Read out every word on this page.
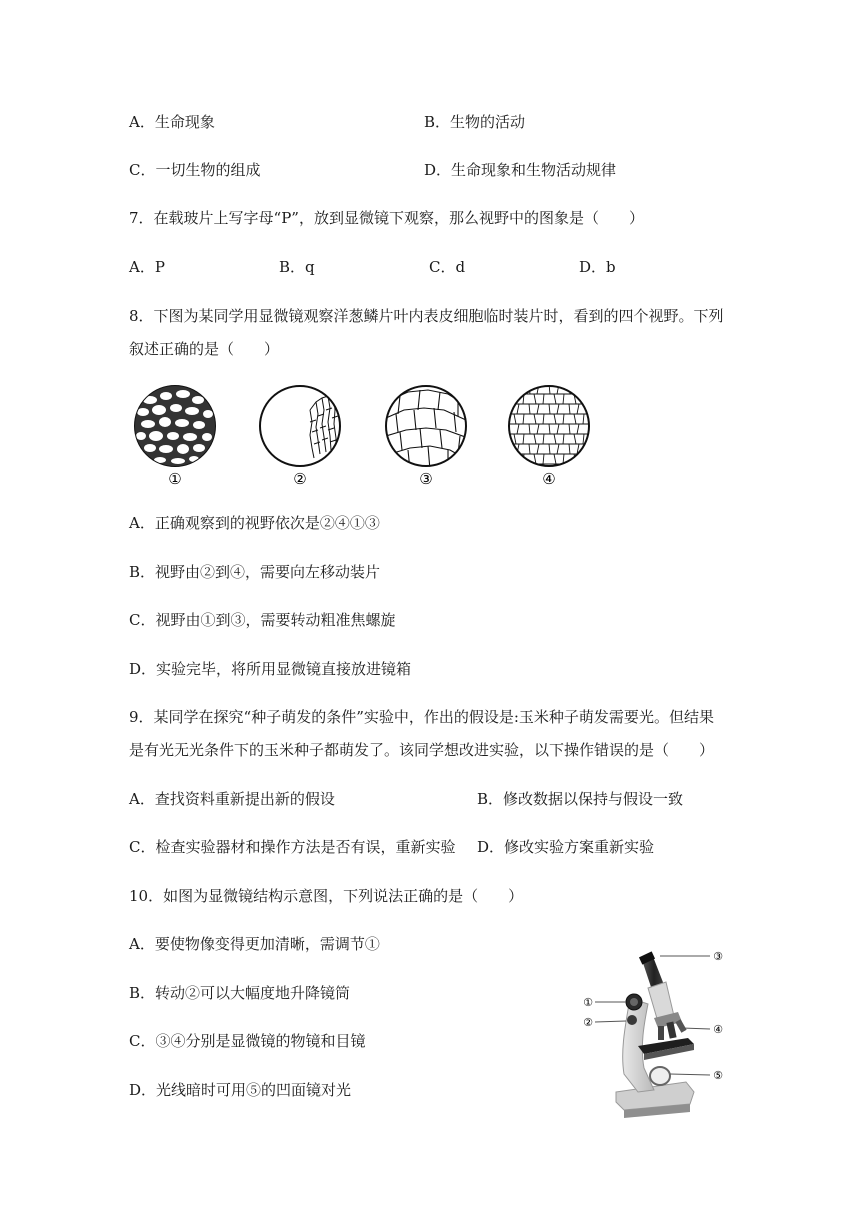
A．生命现象	B．生物的活动
C．一切生物的组成	D．生命现象和生物活动规律
7．在载玻片上写字母“P”，放到显微镜下观察，那么视野中的图象是（　　）
A．P	B．q	C．d	D．b
8．下图为某同学用显微镜观察洋葱鳞片叶内表皮细胞临时装片时，看到的四个视野。下列
叙述正确的是（　　）
①	②	③	④
A．正确观察到的视野依次是②④①③
B．视野由②到④，需要向左移动装片
C．视野由①到③，需要转动粗准焦螺旋
D．实验完毕，将所用显微镜直接放进镜箱
9．某同学在探究“种子萌发的条件”实验中，作出的假设是:玉米种子萌发需要光。但结果
是有光无光条件下的玉米种子都萌发了。该同学想改进实验，以下操作错误的是（　　）
A．查找资料重新提出新的假设	B．修改数据以保持与假设一致
C．检查实验器材和操作方法是否有误，重新实验 D．修改实验方案重新实验
10．如图为显微镜结构示意图，下列说法正确的是（　　）
A．要使物像变得更加清晰，需调节①
B．转动②可以大幅度地升降镜筒
C．③④分别是显微镜的物镜和目镜
D．光线暗时可用⑤的凹面镜对光
①
②
③
④
⑤
